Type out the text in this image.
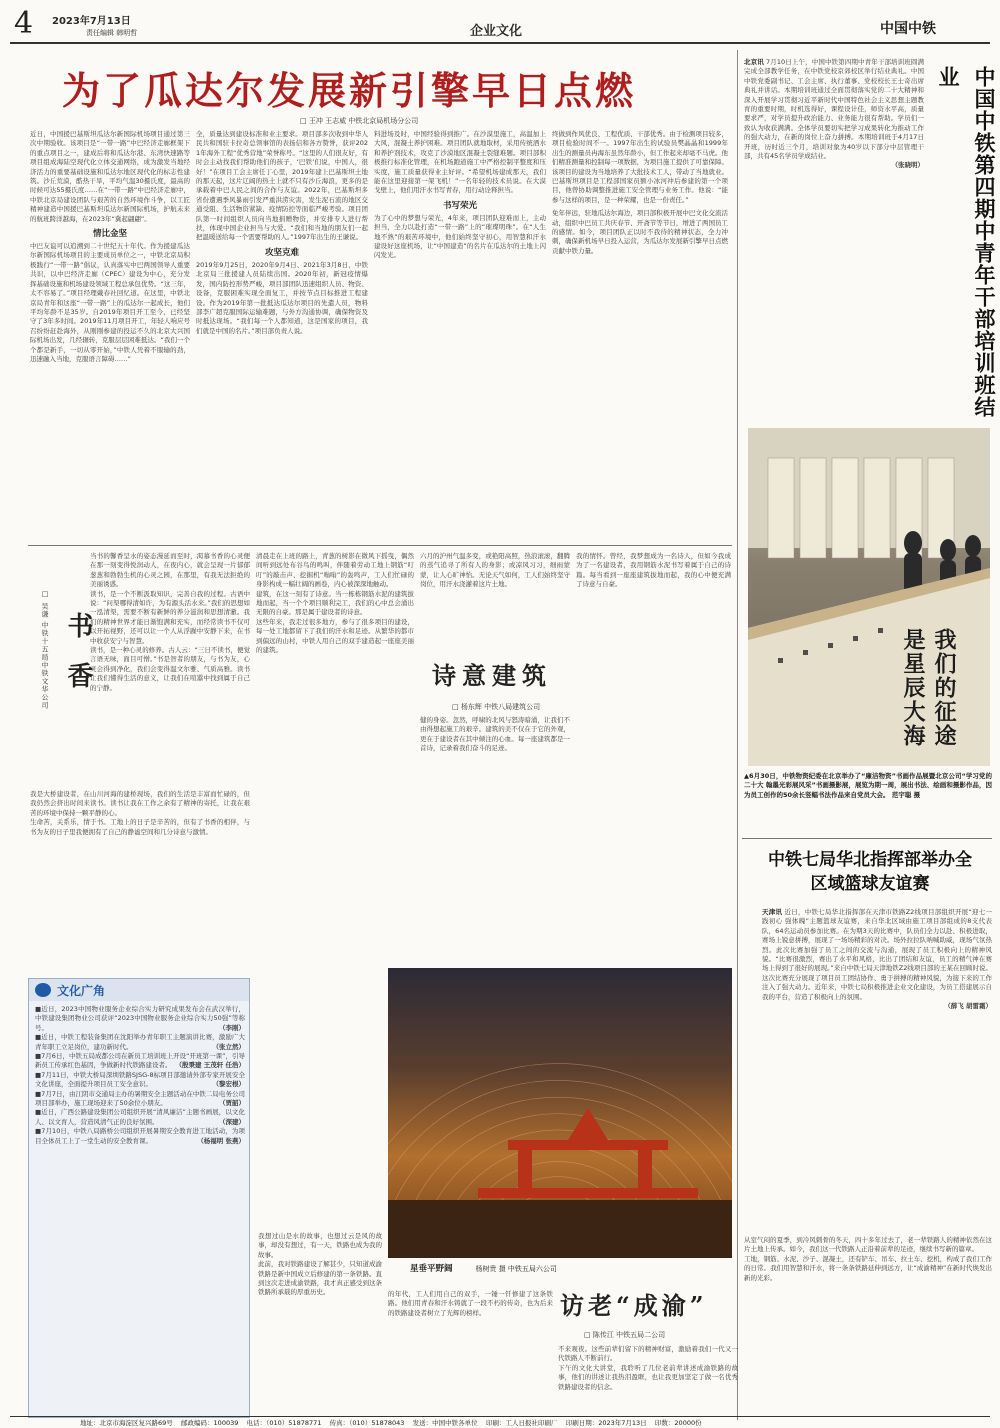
4 2023年7月13日
责任编辑 韩明哲	企业文化	中国中铁
为了瓜达尔发展新引擎早日点燃
□ 王冲 王志威 中铁北京局机场分公司

近日，中国援巴基斯坦瓜达尔新国际机场项目通过第三次中期验收。该项目是“一带一路”中巴经济走廊框架下的重点项目之一，建成后将和瓜达尔港、东湾快速路等项目组成海陆空现代化立体交通网络，成为激发当地经济活力的重要基础设施和瓜达尔地区现代化的标志性建筑。沙丘荒漠，酷热干旱，平均气温30摄氏度，最高的时候可达55摄氏度……在“一带一路”中巴经济走廊中，中铁北京局建设团队与艰苦的自然环境作斗争，以工匠精神建造中国援巴基斯坦瓜达尔新国际机场，护航未来的航班跨洋越海，在2023年“冀起翩翩”。

情比金坚

中巴友谊可以追溯到二十世纪五十年代。作为援建瓜达尔新国际机场项目的主要成员单位之一，中铁北京局积极践行“一带一路”倡议，认真落实中巴两国领导人重要共识，以中巴经济走廊（CPEC）建设为中心，充分发挥基础设施和机场建设领域工程总承包优势。“这三年，太不容易了。”项目经理戴春社回忆道。在这里，中铁北京局青年和这座“一带一路”上的瓜达尔一起成长，他们平均年龄不足35岁。自2019年项目开工至今，已经坚守了3年多时间。2019年11月项目开工，年轻人响应号召纷纷赶赴海外，从刚刚参建的投运不久的北京大兴国际机场出发，几经辗转，克服层层困难抵达。“我们一个个都是新手，一切从零开始，”中铁人凭着不服输的劲，迅速融入当地，克服语言障碍……”

全，质量达到建设标准和业主要求。项目部多次收到中华人民共和国驻卡拉奇总领事馆的表扬信和各方赞誉，获评2021年海外工程“优秀营地”荣誉称号。“这里的人们很友好，有时会主动找我们帮助他们的孩子，‘巴铁’们说，中国人，很好！”在项目工会主席任丁心里，2019年建上巴基斯坦土地的那天起，这片辽阔的热土上就不只有沙丘海浪，更多的是承载着中巴人民之间的合作与友谊。2022年，巴基斯坦多省份遭遇季风暴雨引发严重洪涝灾害，发生泥石流的地区交通受阻、生活物资紧缺、疫情防控等面临严峻考验。项目团队第一时间组织人员向当地捐赠物资，并安排专人进行帮扶，体现中国企业担当与大爱。“我们和当地的朋友们一起把温暖送给每一个需要帮助的人。”1997年出生的王谦说。

攻坚克难

2019年9月25日，2020年9月4日、2021年3月8日，中铁北京局三批援建人员陆续出国。2020年初，新冠疫情爆发，国内防控形势严峻，项目部团队迅速组织人员、物资、设备，克服困难实现全面复工，并按节点目标推进工程建设。作为2019年第一批抵达瓜达尔项目的先遣人员，物料部李广超克服国际运输难题，与外方沟通协调，确保物资及时抵达现场。“我们每一个人都知道，这是国家的项目，我们就是中国的名片。”项目部负责人说。

料进场及时，中国经验得到推广。在沙漠里施工，高温加上大风，混凝土养护困难。项目团队就地取材，采用传统洒水和养护剂技术，攻克了沙漠地区混凝土裂缝难题。项目部积极推行标准化管理，在机场跑道施工中严格控制平整度和压实度，施工质量获得业主好评。“希望机场建成那天，我们能在这里迎接第一架飞机！”一名年轻的技术员说。在大漠戈壁上，他们用汗水书写青春，用行动诠释担当。

书写荣光

为了心中的梦想与荣光，4年来，项目团队迎难而上，主动担当，全力以赴打造“一带一路”上的“璀璨明珠”。在“人生地不熟”的艰苦环境中，他们始终坚守初心，用智慧和汗水建设好这座机场，让“中国建造”的名片在瓜达尔的土地上闪闪发光。

终做到作风优良、工程优质、干部优秀。由于检测项目较多，项目检验时间不一。1997年出生的试验员樊晶晶和1999年出生的测量员冉海东虽然年龄小，但工作起来却毫不马虎。他们精准测量和控制每一项数据，为项目施工提供了可靠保障。该项目的建设为当地培养了大批技术工人，带动了当地就业。巴基斯坦项目是工程部国家员额小冰河冲后参建的第一个项目，他曾协助调整推进施工安全管理与业务工作。他说：“能参与这样的项目，是一种荣耀，也是一份责任。”

免年伴远，驻地瓜达尔海边，项目部积极开展中巴文化交流活动，组织中巴员工共庆春节、开斋节等节日，增进了两国员工的感情。如今，项目团队正以时不我待的精神状态，全力冲刺，确保新机场早日投入运营，为瓜达尔发展新引擎早日点燃贡献中铁力量。

北京讯 7月10日上午，中国中铁第四期中青年干部培训班圆满完成全部教学任务，在中铁党校京郊校区举行结业典礼。中国中铁党委副书记、工会主席、执行董事、党校校长王士奇出席典礼并讲话。本期培训班通过全面贯彻落实党的二十大精神和深入开展学习贯彻习近平新时代中国特色社会主义思想主题教育的重要时期，时机选得好，课程设计佳，师资水平高，质量要求严，对学员提升政治能力、业务能力很有帮助。学员们一致认为收获满满。全体学员要切实把学习成果转化为推动工作的强大动力，在新的岗位上奋力拼搏。本期培训班于4月17日开班，历时近三个月，培训对象为40岁以下部分中层管理干部，共有45名学员学成结业。

（张晓明）	中国中铁第四期中青年干部培训班结业
我们的征途是星辰大海

▲6月30日，中铁物资纪委在北京举办了“廉洁物资”书画作品展暨北京公司“学习党的二十大 翰墨光彩展风采”书画摄影展，展览为期一周，展出书法、绘画和摄影作品，因为员工创作的50余长竖幅书法作品来自党员大会。 范宇聪 摄

中铁七局华北指挥部举办全区域篮球友谊赛

天津讯 近日，中铁七局华北指挥部在天津市铁路Z2线项目部组织开展“迎七一 践初心 强体魄”主题篮球友谊赛，来自华北区域由施工项目部组成的8支代表队，64名运动员参加比赛。在为期3天的比赛中，队员们全力以赴、积极进取，赛场上锐意拼搏，展现了一场场精彩的对决。场外拉拉队呐喊助威，现场气氛热烈。此次比赛加强了员工之间的交流与沟通，展现了员工积极向上的精神风貌。“比赛很激烈，赛出了水平和风格，比出了团结和友谊，员工的精气神在赛场上得到了很好的展现。”来自中铁七局天津地铁Z2线项目部的王某在回顾时说。这次比赛充分展现了项目员工团结协作、勇于拼搏的精神风貌，为接下来的工作注入了强大动力。近年来，中铁七局积极推进企业文化建设，为员工搭建展示自我的平台，营造了积极向上的氛围。

（薛飞 胡雷霜）

书香
□ 吴谦 中铁十五局中铁文华公司

当书的馨香呈水的姿态漫延而至时，渴慕书香的心灵便在那一刻变得悦润动人，在夜内心，就会呈现一片郁郁葱葱和勃勃生机的心灵之园，在那里，有我无法拒绝的美丽诱惑。

读书，是一个不断汲取知识，完善自我的过程。古语中说：“问渠哪得清如许，为有源头活水来。”我们的思想如一泓清渠，需要不断有新鲜的养分滋润和思想清澈。我们的精神世界才能日渐饱满和充实，而经常读书不仅可以开拓视野，还可以让一个人从浮躁中安静下来，在书中收获安宁与智慧。

读书，是一种心灵的修养。古人云：“三日不读书，便觉言语无味，面目可憎。”书是智者的朋友，与书为友，心灵会得到净化，我们会变得温文尔雅、气质高雅。读书让我们懂得生活的意义，让我们在喧嚣中找到属于自己的宁静。

我是大桥建设者，在山川河海的建桥现场，我们的生活是丰富而忙碌的，但我仍然会挤出时间来读书。读书让我在工作之余有了精神的寄托，让我在艰苦的环境中保持一颗平静的心。

生命苦，关系乐，情于书。工地上的日子是辛苦的，但有了书香的相伴，与书为友的日子里我便拥有了自己的静谧空间和几分诗意与激情。

清晨走在上班的路上，青葱的树影在微风下摇曳，偶然间听到远处布谷鸟的鸣叫，伴随着劳动工地上钢筋“叮叮”的敲击声、挖掘机“嗡嗡”的轰鸣声，工人们忙碌的身影构成一幅壮阔的画卷，内心被深深地触动。

建筑，在这一刻有了诗意。当一栋栋钢筋水泥的建筑拔地而起，当一个个项目顺利完工，我们的心中总会涌出无限的自豪。那是属于建设者的诗意。

这些年来，我走过很多地方，参与了很多项目的建设，每一处工地都留下了我们的汗水和足迹。从繁华的都市到偏远的山村，中铁人用自己的双手建造起一座座美丽的建筑。

六月的沪州气温多变，或艳阳高照，热浪滚滚，翻腾的蒸气追寻了所有人的身影；或凉风习习，细雨蒙蒙，让人心旷神怡。无论天气如何，工人们始终坚守岗位，用汗水浇灌着这片土地。

诗意建筑
□ 杨东辉 中铁八局建筑公司

健的身姿。忽然，呼啸的北风与怒涛暗涌，让我们不由得想起施工的艰辛。建筑的美不仅在于它的外观，更在于建设者在其中倾注的心血。每一座建筑都是一首诗，记录着我们奋斗的足迹。

我的情怀。曾经，我梦想成为一名诗人，但如今我成为了一名建设者，我用钢筋水泥书写着属于自己的诗篇。每当看到一座座建筑拔地而起，我的心中便充满了诗意与自豪。

星垂平野阔	杨树贵 摄 中铁五局六公司
文化广角

■近日，2023中国物业服务企业综合实力研究成果发布会在武汉举行，中铁建设集团物业公司获评“2023中国物业服务企业综合实力50强”等称号。	（李刚）

■近日，中铁工程装备集团在沈阳举办青年职工主题演讲比赛，激励广大青年职工立足岗位，建功新时代。	（张立然）

■7月6日，中铁五局成都公司在新员工培训班上开设“开班第一课”，引导新员工传承红色基因，争做新时代铁路建设者。 （殷秉建 王茂轩 任浩）

■7月11日，中铁大桥局深圳铁路SJSG-8标项目部邀请外部专家开展安全文化讲座，全面提升项目员工安全意识。	（黎宏根）

■7月7日，由江阴市交通局主办的暑期安全主题活动在中铁二局电务公司项目部举办，施工现场迎来了50余位小朋友。	（贾韶）

■近日，广西公路建设集团公司组织开展“清风廉洁”主题书画展，以文化人、以文育人，营造风清气正的良好氛围。	（深建）

■7月10日，中铁八局路桥公司组织开展暑期安全教育进工地活动，为项目全体员工上了一堂生动的安全教育课。	（杨福明 张燕）

我想过山是水的故事，也想过云是风的故事，却没有想过，有一天，铁路也成为我的故事。

此前，我对铁路建设了解甚少，只知道成渝铁路是新中国成立后修建的第一条铁路。直到这次走进成渝铁路，我才真正感受到这条铁路所承载的厚重历史。	访老“成渝”
□ 陈传江 中铁五局二公司

的年代，工人们用自己的双手，一锤一钎修建了这条铁路。他们用青春和汗水铸就了一段不朽的传奇，也为后来的铁路建设者树立了光辉的榜样。

不来观夜。这些前辈们留下的精神财富，激励着我们一代又一代铁路人不断前行。

下午的文化大讲堂，我聆听了几位老前辈讲述成渝铁路的故事，他们的讲述让我热泪盈眶，也让我更加坚定了做一名优秀铁路建设者的信念。

从室气闷的夏季，到冷风刺骨的冬天，四十多年过去了，老一辈铁路人的精神依然在这片土地上传承。如今，我们这一代铁路人正沿着前辈的足迹，继续书写新的篇章。

工地，钢筋、水泥、沙子、混凝土，还有铲车、吊车、拉土车、挖机，构成了我们工作的日常。我们用智慧和汗水，将一条条铁路延伸到远方，让“成渝精神”在新时代焕发出新的光彩。

地址：北京市海淀区复兴路69号 邮政编码：100039 电话：（010）51878771 传真：（010）51878043 发送：中国中铁各单位 印刷：工人日报社印刷厂 印刷日期：2023年7月13日 印数：20000份
